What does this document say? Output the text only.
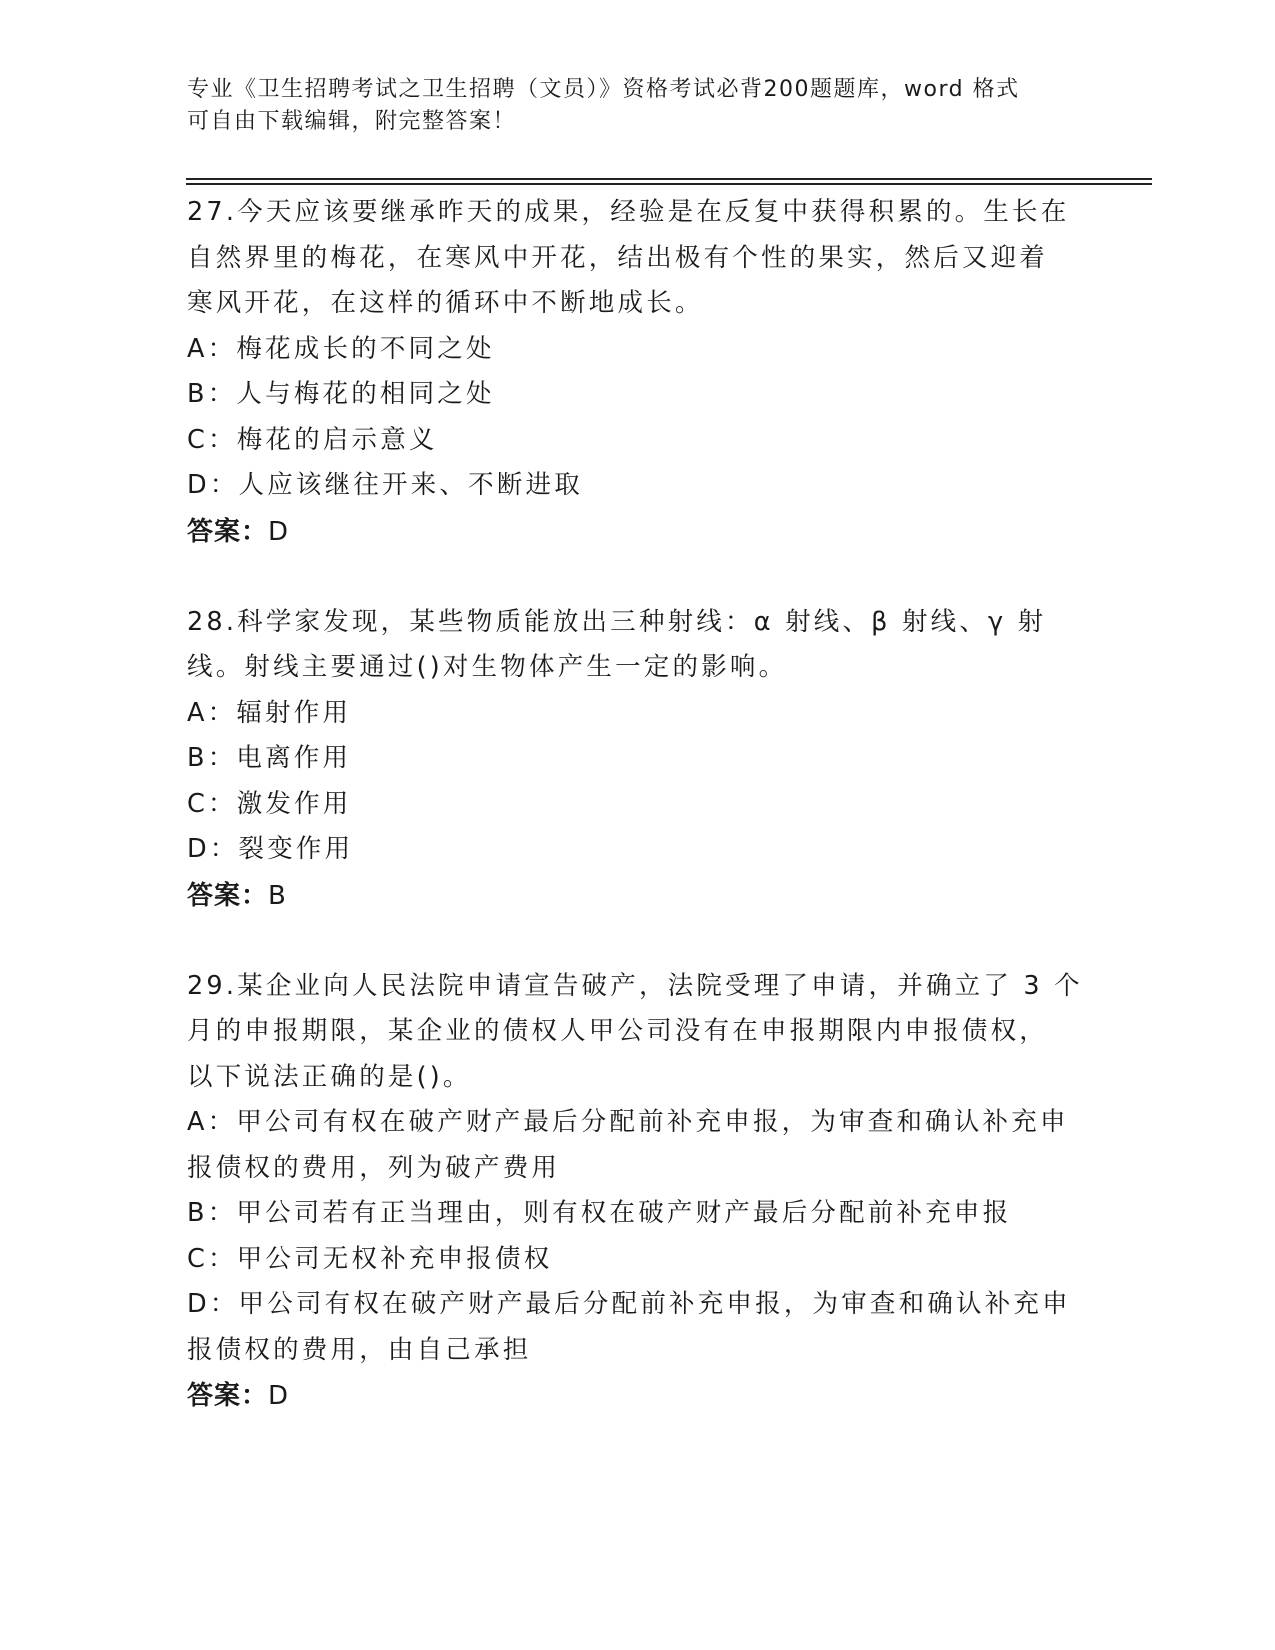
专业《卫生招聘考试之卫生招聘（文员）》资格考试必背200题题库，word 格式
可自由下载编辑，附完整答案！
27.今天应该要继承昨天的成果，经验是在反复中获得积累的。生长在
自然界里的梅花，在寒风中开花，结出极有个性的果实，然后又迎着
寒风开花，在这样的循环中不断地成长。
A：梅花成长的不同之处
B：人与梅花的相同之处
C：梅花的启示意义
D：人应该继往开来、不断进取
答案：D
28.科学家发现，某些物质能放出三种射线：α 射线、β 射线、γ 射
线。射线主要通过()对生物体产生一定的影响。
A：辐射作用
B：电离作用
C：激发作用
D：裂变作用
答案：B
29.某企业向人民法院申请宣告破产，法院受理了申请，并确立了 3 个
月的申报期限，某企业的债权人甲公司没有在申报期限内申报债权，
以下说法正确的是()。
A：甲公司有权在破产财产最后分配前补充申报，为审查和确认补充申
报债权的费用，列为破产费用
B：甲公司若有正当理由，则有权在破产财产最后分配前补充申报
C：甲公司无权补充申报债权
D：甲公司有权在破产财产最后分配前补充申报，为审查和确认补充申
报债权的费用，由自己承担
答案：D
